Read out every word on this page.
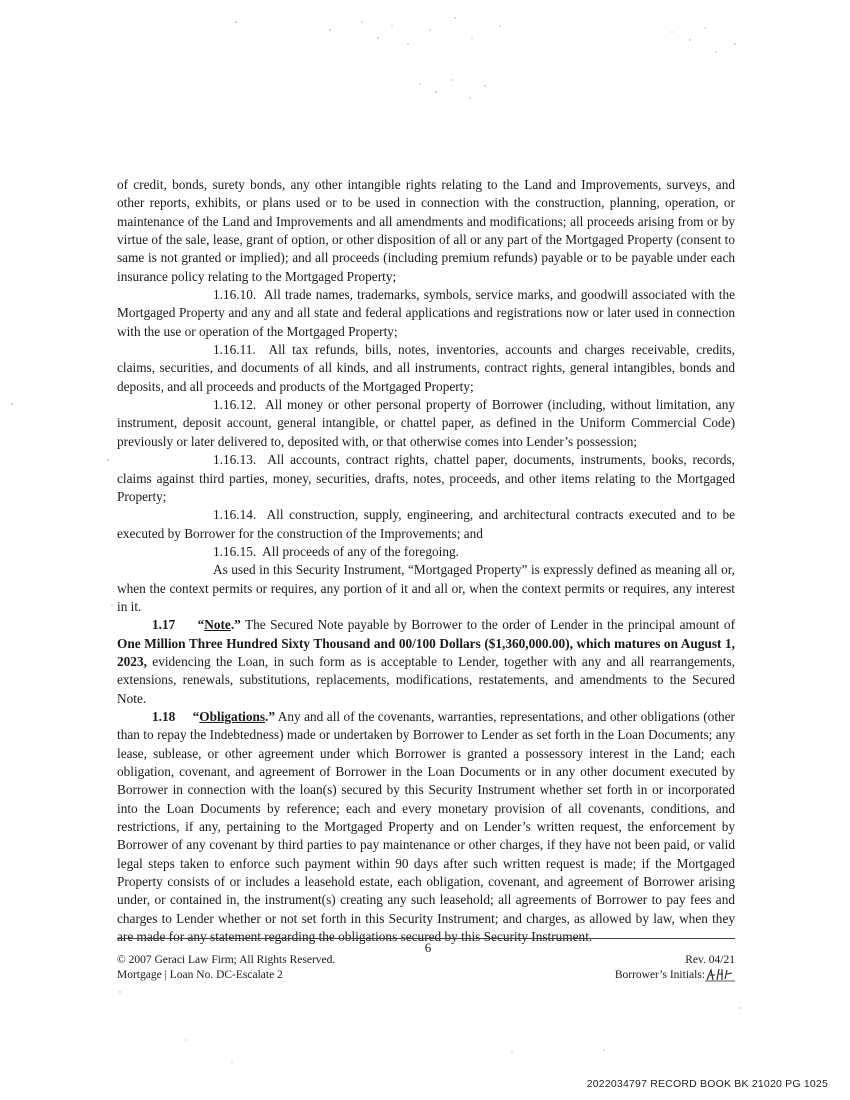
of credit, bonds, surety bonds, any other intangible rights relating to the Land and Improvements, surveys, and other reports, exhibits, or plans used or to be used in connection with the construction, planning, operation, or maintenance of the Land and Improvements and all amendments and modifications; all proceeds arising from or by virtue of the sale, lease, grant of option, or other disposition of all or any part of the Mortgaged Property (consent to same is not granted or implied); and all proceeds (including premium refunds) payable or to be payable under each insurance policy relating to the Mortgaged Property;

1.16.10. All trade names, trademarks, symbols, service marks, and goodwill associated with the Mortgaged Property and any and all state and federal applications and registrations now or later used in connection with the use or operation of the Mortgaged Property;

1.16.11. All tax refunds, bills, notes, inventories, accounts and charges receivable, credits, claims, securities, and documents of all kinds, and all instruments, contract rights, general intangibles, bonds and deposits, and all proceeds and products of the Mortgaged Property;

1.16.12. All money or other personal property of Borrower (including, without limitation, any instrument, deposit account, general intangible, or chattel paper, as defined in the Uniform Commercial Code) previously or later delivered to, deposited with, or that otherwise comes into Lender’s possession;

1.16.13. All accounts, contract rights, chattel paper, documents, instruments, books, records, claims against third parties, money, securities, drafts, notes, proceeds, and other items relating to the Mortgaged Property;

1.16.14. All construction, supply, engineering, and architectural contracts executed and to be executed by Borrower for the construction of the Improvements; and

1.16.15. All proceeds of any of the foregoing.

As used in this Security Instrument, “Mortgaged Property” is expressly defined as meaning all or, when the context permits or requires, any portion of it and all or, when the context permits or requires, any interest in it.

1.17 “Note.” The Secured Note payable by Borrower to the order of Lender in the principal amount of One Million Three Hundred Sixty Thousand and 00/100 Dollars ($1,360,000.00), which matures on August 1, 2023, evidencing the Loan, in such form as is acceptable to Lender, together with any and all rearrangements, extensions, renewals, substitutions, replacements, modifications, restatements, and amendments to the Secured Note.

1.18 “Obligations.” Any and all of the covenants, warranties, representations, and other obligations (other than to repay the Indebtedness) made or undertaken by Borrower to Lender as set forth in the Loan Documents; any lease, sublease, or other agreement under which Borrower is granted a possessory interest in the Land; each obligation, covenant, and agreement of Borrower in the Loan Documents or in any other document executed by Borrower in connection with the loan(s) secured by this Security Instrument whether set forth in or incorporated into the Loan Documents by reference; each and every monetary provision of all covenants, conditions, and restrictions, if any, pertaining to the Mortgaged Property and on Lender’s written request, the enforcement by Borrower of any covenant by third parties to pay maintenance or other charges, if they have not been paid, or valid legal steps taken to enforce such payment within 90 days after such written request is made; if the Mortgaged Property consists of or includes a leasehold estate, each obligation, covenant, and agreement of Borrower arising under, or contained in, the instrument(s) creating any such leasehold; all agreements of Borrower to pay fees and charges to Lender whether or not set forth in this Security Instrument; and charges, as allowed by law, when they are made for any statement regarding the obligations secured by this Security Instrument.

6
© 2007 Geraci Law Firm; All Rights Reserved.
Mortgage | Loan No. DC-Escalate 2
Rev. 04/21
Borrower’s Initials:
2022034797 RECORD BOOK BK 21020 PG 1025
